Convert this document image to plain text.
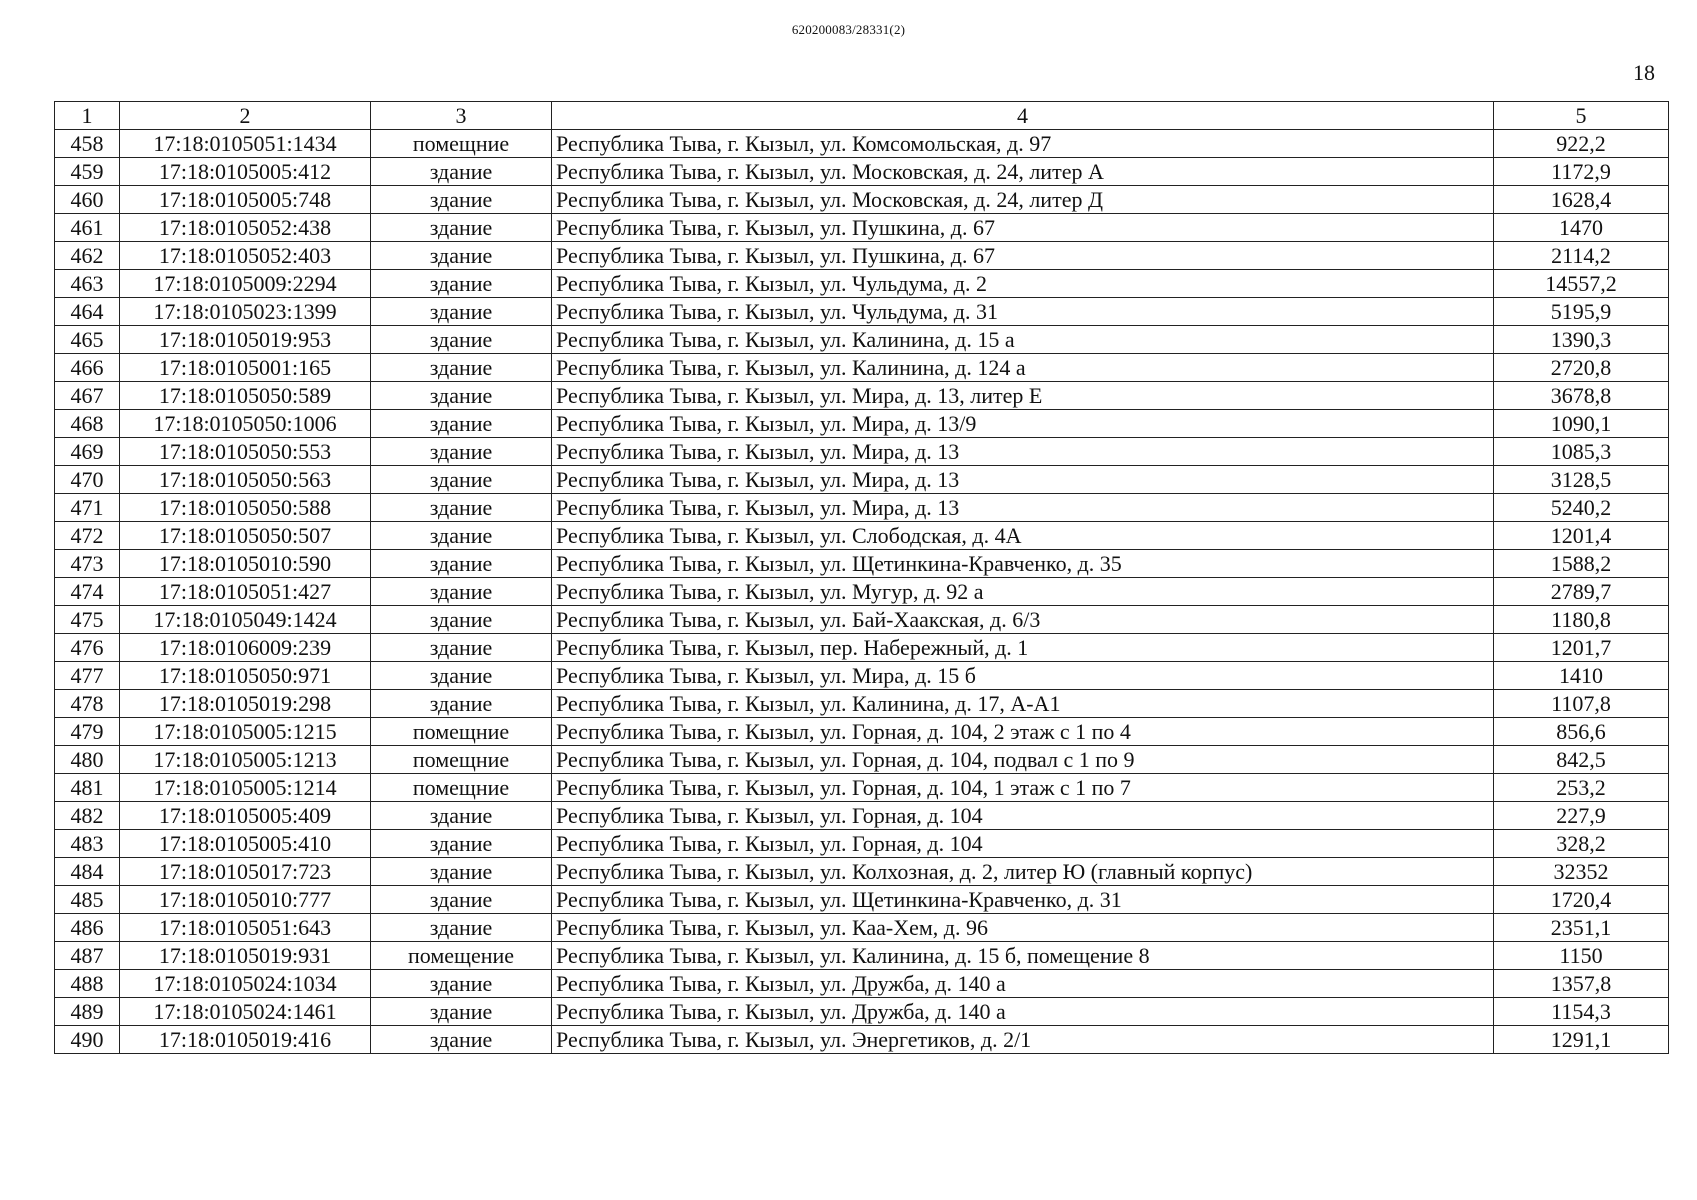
620200083/28331(2)
18
1	2	3	4	5
458	17:18:0105051:1434	помещние	Республика Тыва, г. Кызыл, ул. Комсомольская, д. 97	922,2
459	17:18:0105005:412	здание	Республика Тыва, г. Кызыл, ул. Московская, д. 24, литер А	1172,9
460	17:18:0105005:748	здание	Республика Тыва, г. Кызыл, ул. Московская, д. 24, литер Д	1628,4
461	17:18:0105052:438	здание	Республика Тыва, г. Кызыл, ул. Пушкина, д. 67	1470
462	17:18:0105052:403	здание	Республика Тыва, г. Кызыл, ул. Пушкина, д. 67	2114,2
463	17:18:0105009:2294	здание	Республика Тыва, г. Кызыл, ул. Чульдума, д. 2	14557,2
464	17:18:0105023:1399	здание	Республика Тыва, г. Кызыл, ул. Чульдума, д. 31	5195,9
465	17:18:0105019:953	здание	Республика Тыва, г. Кызыл, ул. Калинина, д. 15 а	1390,3
466	17:18:0105001:165	здание	Республика Тыва, г. Кызыл, ул. Калинина, д. 124 а	2720,8
467	17:18:0105050:589	здание	Республика Тыва, г. Кызыл, ул. Мира, д. 13, литер Е	3678,8
468	17:18:0105050:1006	здание	Республика Тыва, г. Кызыл, ул. Мира, д. 13/9	1090,1
469	17:18:0105050:553	здание	Республика Тыва, г. Кызыл, ул. Мира, д. 13	1085,3
470	17:18:0105050:563	здание	Республика Тыва, г. Кызыл, ул. Мира, д. 13	3128,5
471	17:18:0105050:588	здание	Республика Тыва, г. Кызыл, ул. Мира, д. 13	5240,2
472	17:18:0105050:507	здание	Республика Тыва, г. Кызыл, ул. Слободская, д. 4А	1201,4
473	17:18:0105010:590	здание	Республика Тыва, г. Кызыл, ул. Щетинкина-Кравченко, д. 35	1588,2
474	17:18:0105051:427	здание	Республика Тыва, г. Кызыл, ул. Мугур, д. 92 а	2789,7
475	17:18:0105049:1424	здание	Республика Тыва, г. Кызыл, ул. Бай-Хаакская, д. 6/3	1180,8
476	17:18:0106009:239	здание	Республика Тыва, г. Кызыл, пер. Набережный, д. 1	1201,7
477	17:18:0105050:971	здание	Республика Тыва, г. Кызыл, ул. Мира, д. 15 б	1410
478	17:18:0105019:298	здание	Республика Тыва, г. Кызыл, ул. Калинина, д. 17, А-А1	1107,8
479	17:18:0105005:1215	помещние	Республика Тыва, г. Кызыл, ул. Горная, д. 104, 2 этаж с 1 по 4	856,6
480	17:18:0105005:1213	помещние	Республика Тыва, г. Кызыл, ул. Горная, д. 104, подвал с 1 по 9	842,5
481	17:18:0105005:1214	помещние	Республика Тыва, г. Кызыл, ул. Горная, д. 104, 1 этаж с 1 по 7	253,2
482	17:18:0105005:409	здание	Республика Тыва, г. Кызыл, ул. Горная, д. 104	227,9
483	17:18:0105005:410	здание	Республика Тыва, г. Кызыл, ул. Горная, д. 104	328,2
484	17:18:0105017:723	здание	Республика Тыва, г. Кызыл, ул. Колхозная, д. 2, литер Ю (главный корпус)	32352
485	17:18:0105010:777	здание	Республика Тыва, г. Кызыл, ул. Щетинкина-Кравченко, д. 31	1720,4
486	17:18:0105051:643	здание	Республика Тыва, г. Кызыл, ул. Каа-Хем, д. 96	2351,1
487	17:18:0105019:931	помещение	Республика Тыва, г. Кызыл, ул. Калинина, д. 15 б, помещение 8	1150
488	17:18:0105024:1034	здание	Республика Тыва, г. Кызыл, ул. Дружба, д. 140 а	1357,8
489	17:18:0105024:1461	здание	Республика Тыва, г. Кызыл, ул. Дружба, д. 140 а	1154,3
490	17:18:0105019:416	здание	Республика Тыва, г. Кызыл, ул. Энергетиков, д. 2/1	1291,1
